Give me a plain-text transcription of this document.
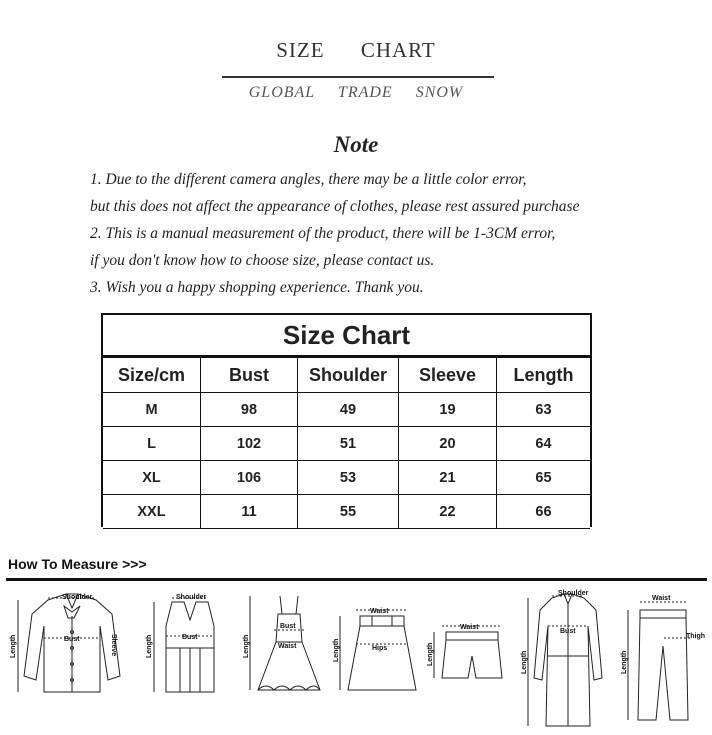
SIZE CHART
GLOBAL TRADE SNOW
Note
1. Due to the different camera angles, there may be a little color error,
but this does not affect the appearance of clothes, please rest assured purchase
2. This is a manual measurement of the product, there will be 1-3CM error,
if you don't know how to choose size, please contact us.
3. Wish you a happy shopping experience. Thank you.
Size Chart
Size/cm	Bust	Shoulder	Sleeve	Length
M	98	49	19	63
L	102	51	20	64
XL	106	53	21	65
XXL	11	55	22	66
How To Measure >>>
Shoulder
Bust	Sleeve
Length
Shoulder
Bust
Length
Bust
Waist
Length
Waist
Hips
Length
Waist
Length
Shoulder
Bust
Length
Waist
Thigh
Length
